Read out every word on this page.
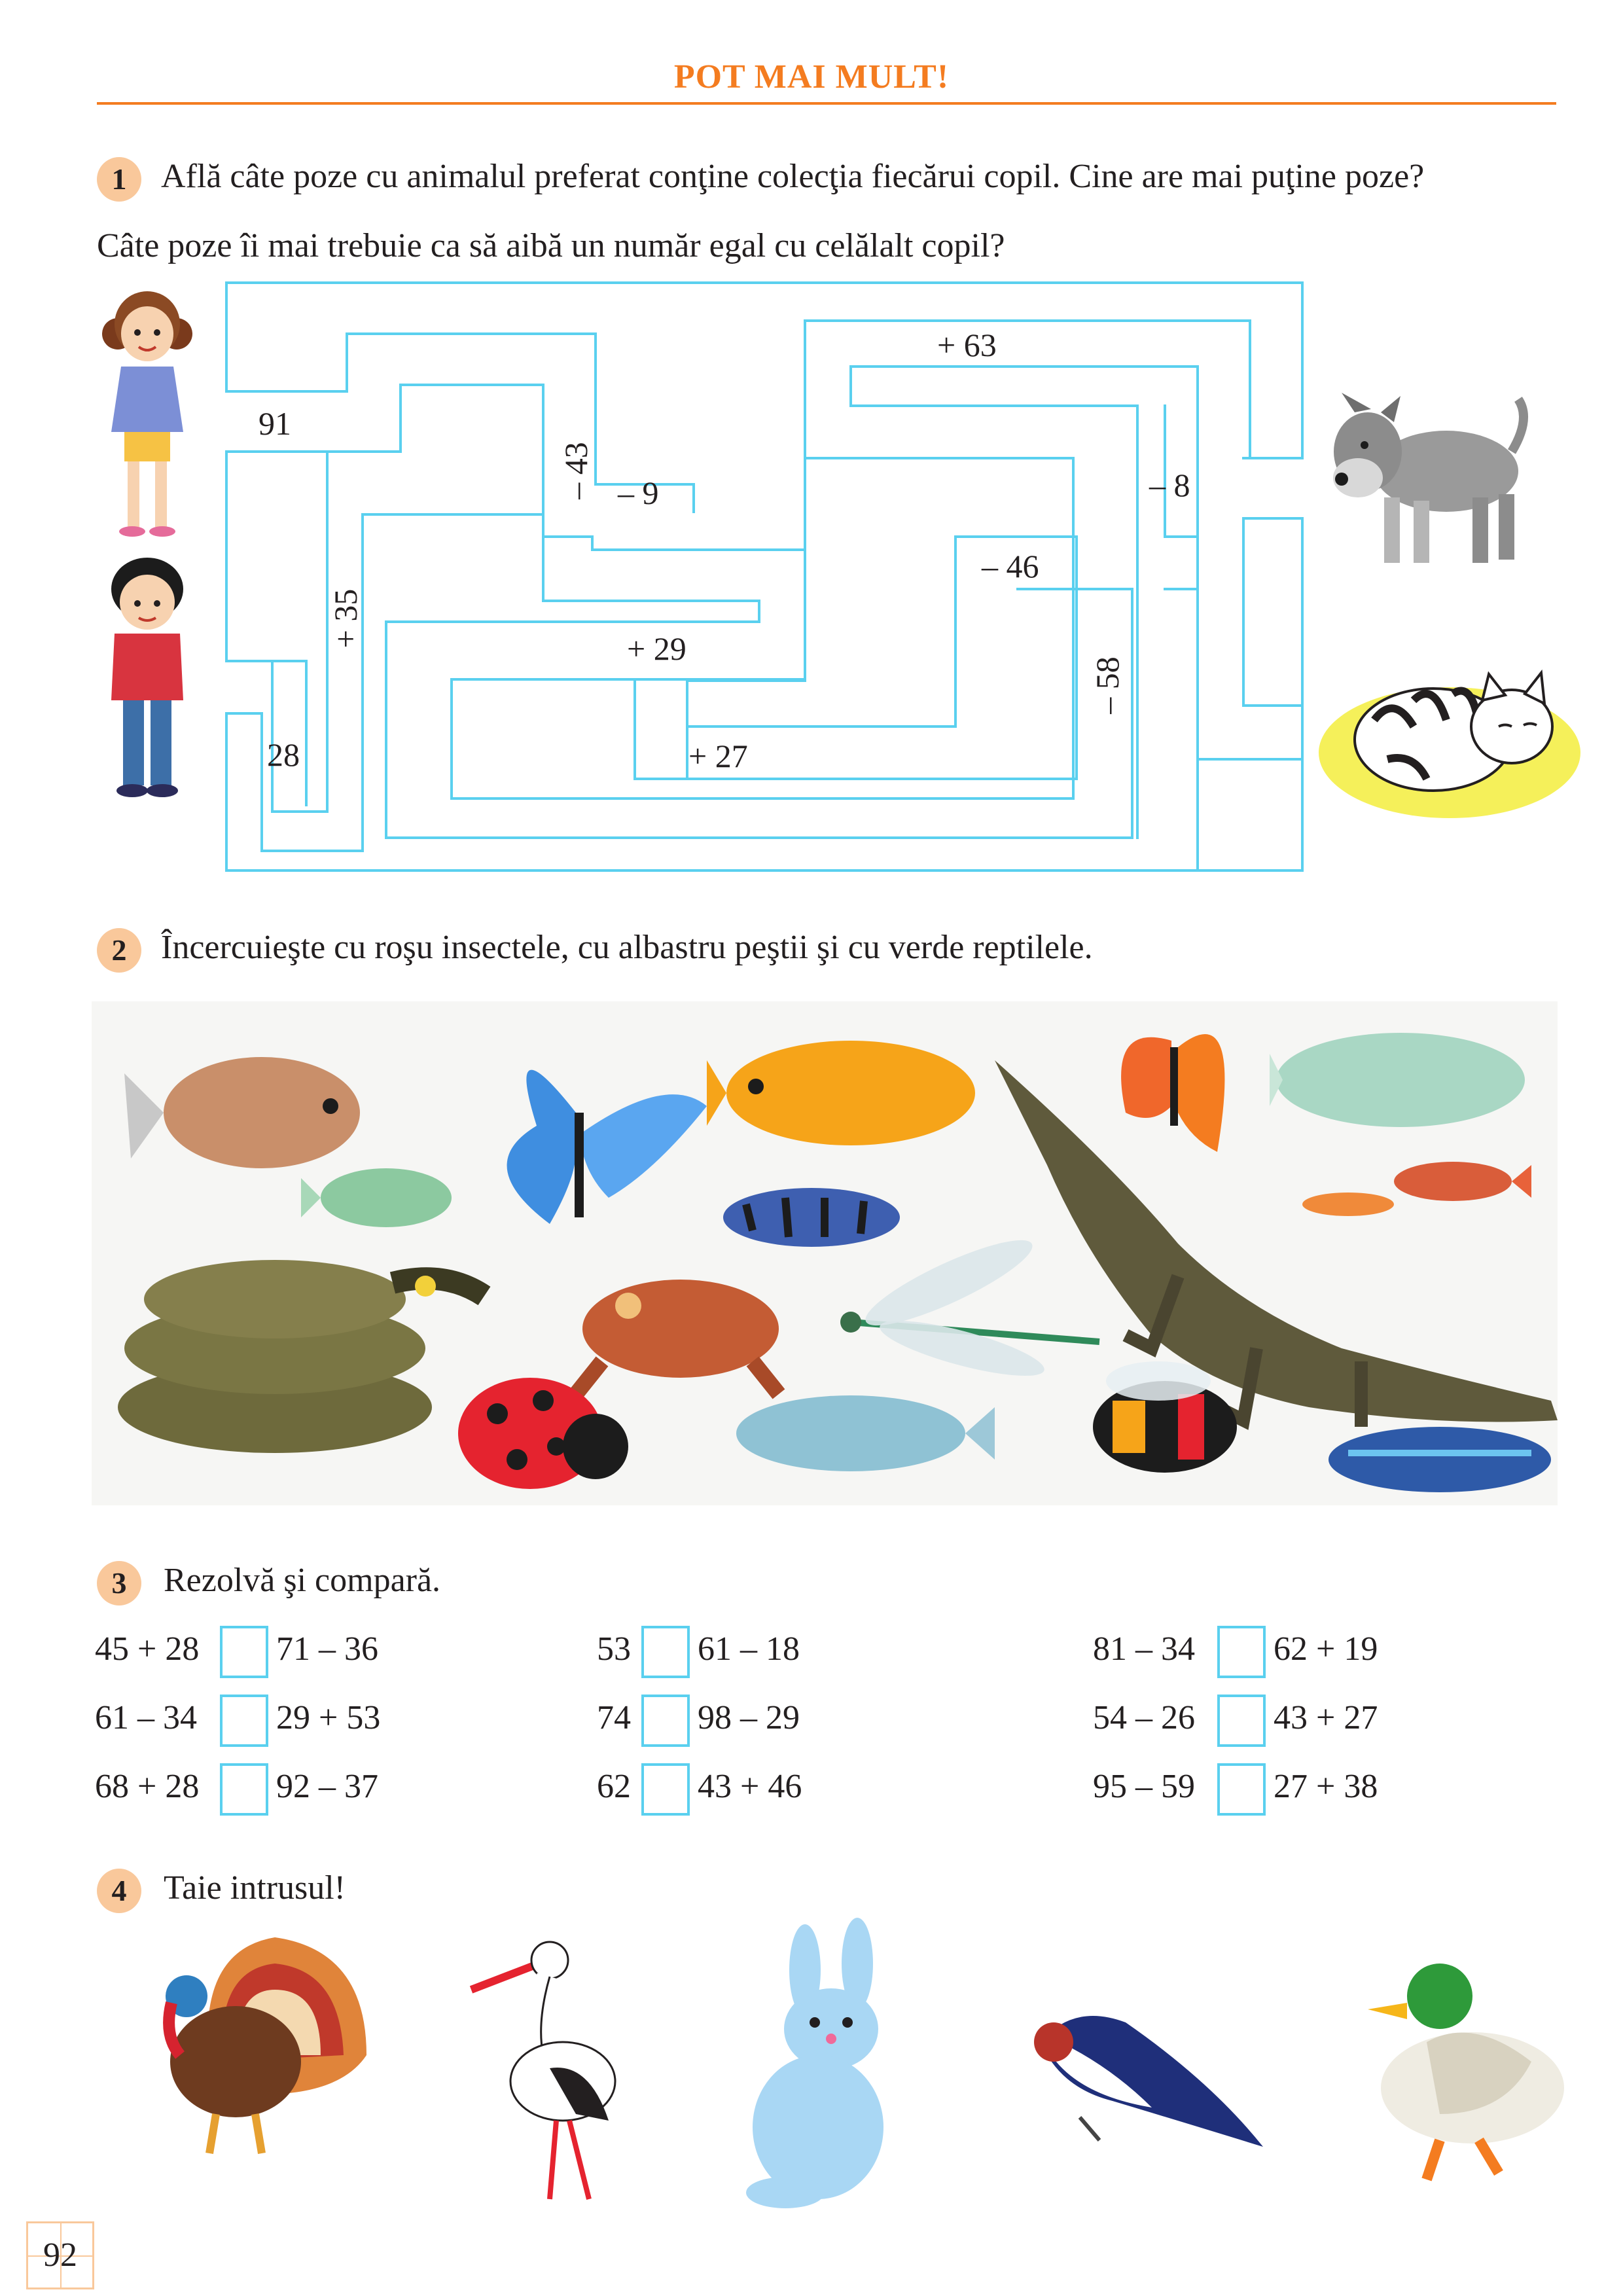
POT MAI MULT!
1	Află câte poze cu animalul preferat conţine colecţia fiecărui copil. Cine are mai puţine poze?
Câte poze îi mai trebuie ca să aibă un număr egal cu celălalt copil?
91
28
+ 63
– 43 – 9	– 8
– 46
+ 35
+ 29
– 58
+ 27
2	Încercuieşte cu roşu insectele, cu albastru peştii şi cu verde reptilele.
3	Rezolvă şi compară.
45 + 28 71 – 36	53 61 – 18	81 – 34 62 + 19
61 – 34 29 + 53	74 98 – 29	54 – 26 43 + 27
68 + 28 92 – 37	62 43 + 46	95 – 59 27 + 38
4	Taie intrusul!
92
